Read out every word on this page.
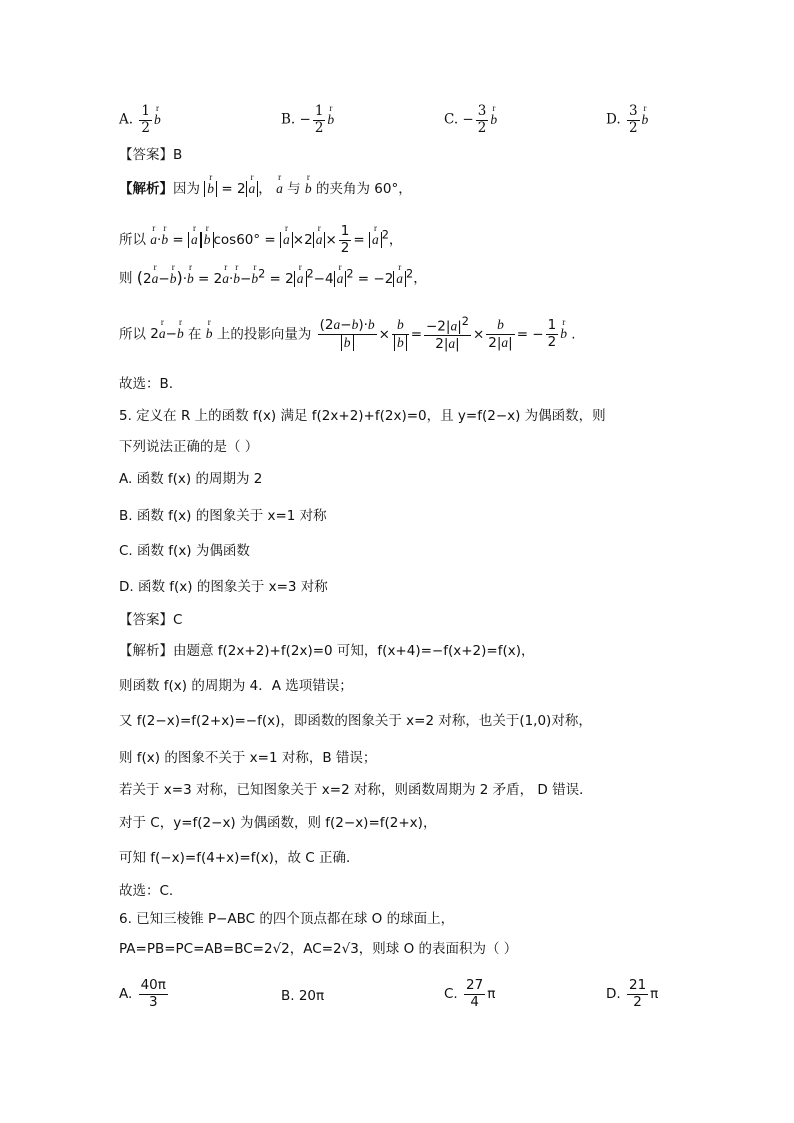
A. $\frac{1}{2}$
r b	B. − $\frac{1}{2}$
r b	C. − $\frac{3}{2}$
r b	D. $\frac{3}{2}$
r b
【答案】B
【解析】因为 r b = 2r a ， r a 与 r b 的夹角为 60°，
所以 r a·r b = r ar b cos60° = r a ×2r $a \times \frac{1}{2} = r$ a $^2$，
则 (2r a−r b)·r b = 2r a·r b−r $b^2 = 2r$ a $^2$−4r a $^2$ = −2r a $^2$，
所以 2r a−r b 在 r b 上的投影向量为 $\frac{(2a-b)\cdot b}{b} \times \frac{b}{b} = \frac{-2|a|^2}{2|a|} \times \frac{b}{2|a|}$ = − $\frac{1}{2}$
r b .
故选：B.
5. 定义在 R 上的函数 f(x) 满足 f(2x+2)+f(2x)=0，且 y=f(2−x) 为偶函数，则
下列说法正确的是（ ）
A. 函数 f(x) 的周期为 2
B. 函数 f(x) 的图象关于 x=1 对称
C. 函数 f(x) 为偶函数
D. 函数 f(x) 的图象关于 x=3 对称
【答案】C
【解析】由题意 f(2x+2)+f(2x)=0 可知，f(x+4)=−f(x+2)=f(x)，
则函数 f(x) 的周期为 4．A 选项错误；
又 f(2−x)=f(2+x)=−f(x)，即函数的图象关于 x=2 对称，也关于(1,0)对称，
则 f(x) 的图象不关于 x=1 对称，B 错误；
若关于 x=3 对称，已知图象关于 x=2 对称，则函数周期为 2 矛盾， D 错误．
对于 C，y=f(2−x) 为偶函数，则 f(2−x)=f(2+x)，
可知 f(−x)=f(4+x)=f(x)，故 C 正确．
故选：C.
6. 已知三棱锥 P−ABC 的四个顶点都在球 O 的球面上，
PA=PB=PC=AB=BC=2√2，AC=2√3，则球 O 的表面积为（ ）
A. $\frac{40\pi}{3}$	B. 20π	C. $\frac{27}{4}$ π	D. $\frac{21}{2}$ π
